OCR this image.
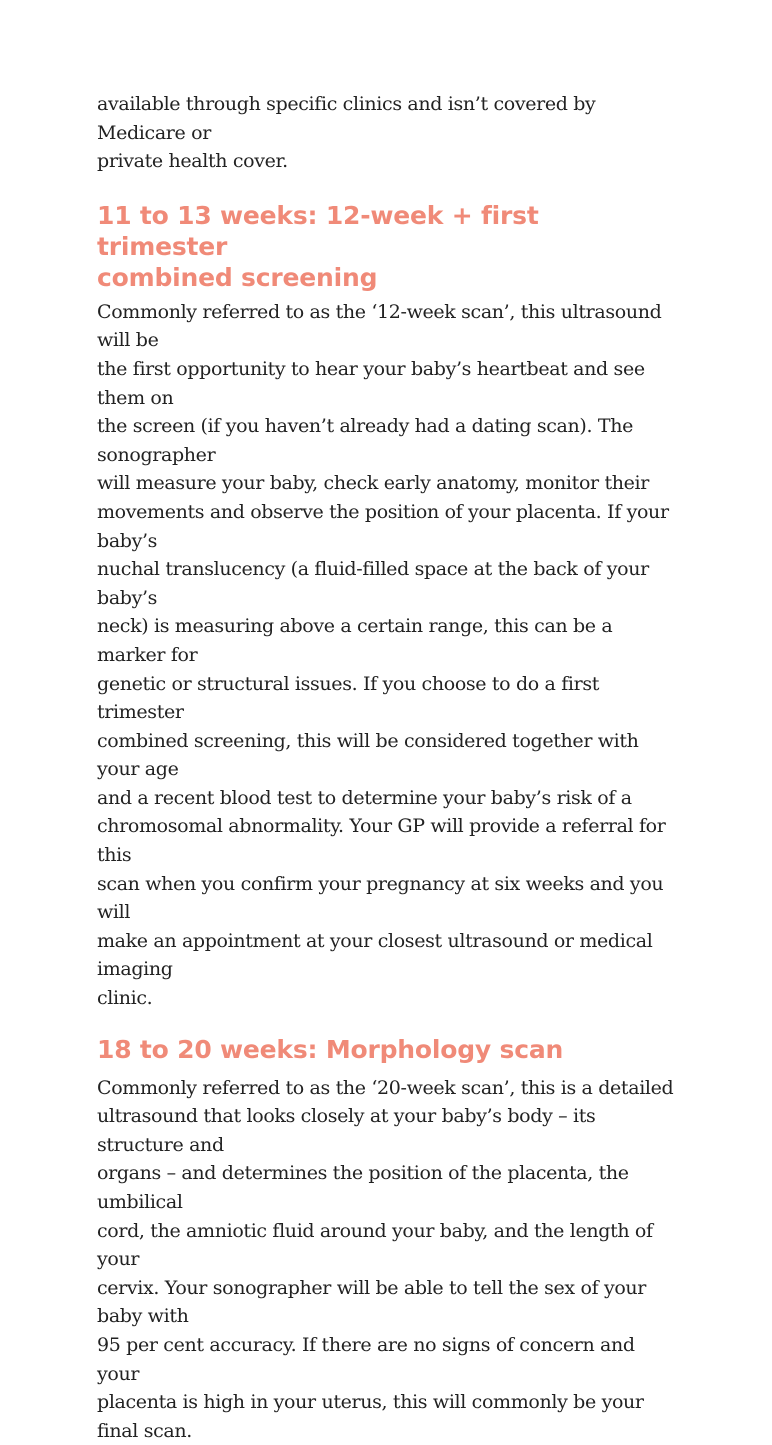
available through specific clinics and isn’t covered by Medicare or
private health cover.

11 to 13 weeks: 12-week + first trimester
combined screening

Commonly referred to as the ‘12-week scan’, this ultrasound will be
the first opportunity to hear your baby’s heartbeat and see them on
the screen (if you haven’t already had a dating scan). The sonographer
will measure your baby, check early anatomy, monitor their
movements and observe the position of your placenta. If your baby’s
nuchal translucency (a fluid-filled space at the back of your baby’s
neck) is measuring above a certain range, this can be a marker for
genetic or structural issues. If you choose to do a first trimester
combined screening, this will be considered together with your age
and a recent blood test to determine your baby’s risk of a
chromosomal abnormality. Your GP will provide a referral for this
scan when you confirm your pregnancy at six weeks and you will
make an appointment at your closest ultrasound or medical imaging
clinic.

18 to 20 weeks: Morphology scan

Commonly referred to as the ‘20-week scan’, this is a detailed
ultrasound that looks closely at your baby’s body – its structure and
organs – and determines the position of the placenta, the umbilical
cord, the amniotic fluid around your baby, and the length of your
cervix. Your sonographer will be able to tell the sex of your baby with
95 per cent accuracy. If there are no signs of concern and your
placenta is high in your uterus, this will commonly be your final scan.
